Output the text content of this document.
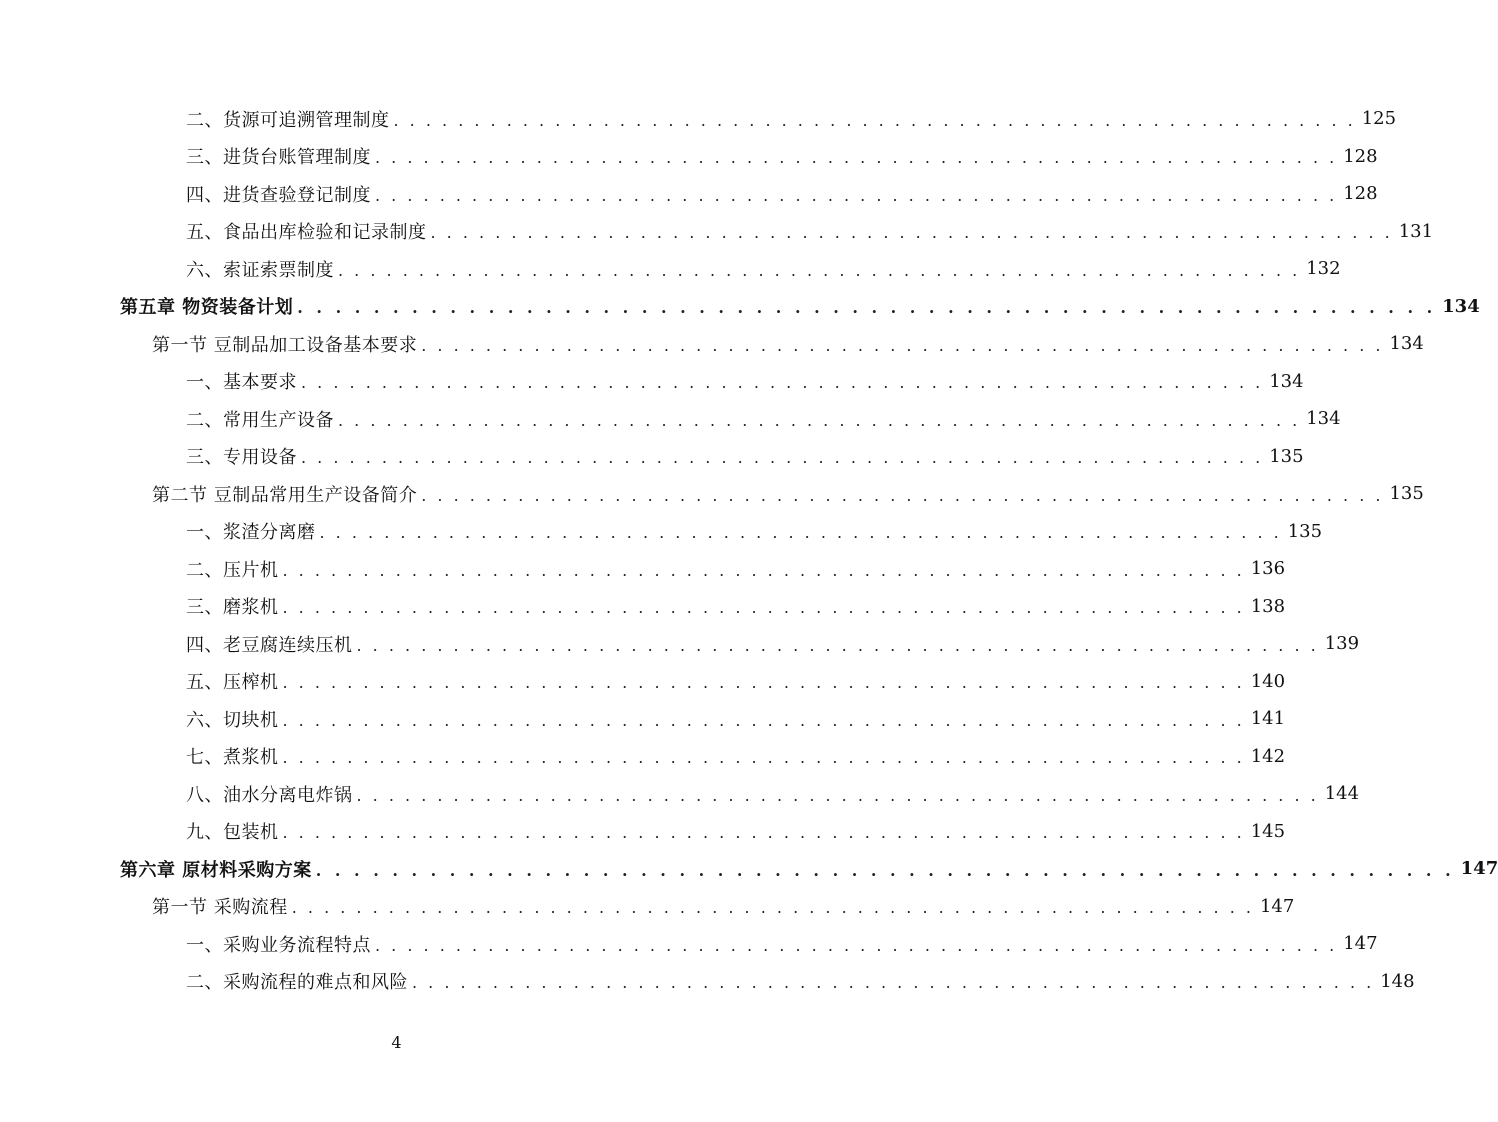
二、货源可追溯管理制度 . . . . . . . . . . . . . . . . . . . . . . . . . . . . . . . . . . . . . . . . . . . . . . . . . . . . . . . . . . . . 125
三、进货台账管理制度 . . . . . . . . . . . . . . . . . . . . . . . . . . . . . . . . . . . . . . . . . . . . . . . . . . . . . . . . . . . . 128
四、进货查验登记制度 . . . . . . . . . . . . . . . . . . . . . . . . . . . . . . . . . . . . . . . . . . . . . . . . . . . . . . . . . . . . 128
五、食品出库检验和记录制度 . . . . . . . . . . . . . . . . . . . . . . . . . . . . . . . . . . . . . . . . . . . . . . . . . . . . . . . . . . . . 131
六、索证索票制度 . . . . . . . . . . . . . . . . . . . . . . . . . . . . . . . . . . . . . . . . . . . . . . . . . . . . . . . . . . . . 132
第五章 物资装备计划 . . . . . . . . . . . . . . . . . . . . . . . . . . . . . . . . . . . . . . . . . . . . . . . . . . . . . . . . . . . . 134
第一节 豆制品加工设备基本要求 . . . . . . . . . . . . . . . . . . . . . . . . . . . . . . . . . . . . . . . . . . . . . . . . . . . . . . . . . . . . 134
一、基本要求 . . . . . . . . . . . . . . . . . . . . . . . . . . . . . . . . . . . . . . . . . . . . . . . . . . . . . . . . . . . . 134
二、常用生产设备 . . . . . . . . . . . . . . . . . . . . . . . . . . . . . . . . . . . . . . . . . . . . . . . . . . . . . . . . . . . . 134
三、专用设备 . . . . . . . . . . . . . . . . . . . . . . . . . . . . . . . . . . . . . . . . . . . . . . . . . . . . . . . . . . . . 135
第二节 豆制品常用生产设备简介 . . . . . . . . . . . . . . . . . . . . . . . . . . . . . . . . . . . . . . . . . . . . . . . . . . . . . . . . . . . . 135
一、浆渣分离磨 . . . . . . . . . . . . . . . . . . . . . . . . . . . . . . . . . . . . . . . . . . . . . . . . . . . . . . . . . . . . 135
二、压片机 . . . . . . . . . . . . . . . . . . . . . . . . . . . . . . . . . . . . . . . . . . . . . . . . . . . . . . . . . . . . 136
三、磨浆机 . . . . . . . . . . . . . . . . . . . . . . . . . . . . . . . . . . . . . . . . . . . . . . . . . . . . . . . . . . . . 138
四、老豆腐连续压机 . . . . . . . . . . . . . . . . . . . . . . . . . . . . . . . . . . . . . . . . . . . . . . . . . . . . . . . . . . . . 139
五、压榨机 . . . . . . . . . . . . . . . . . . . . . . . . . . . . . . . . . . . . . . . . . . . . . . . . . . . . . . . . . . . . 140
六、切块机 . . . . . . . . . . . . . . . . . . . . . . . . . . . . . . . . . . . . . . . . . . . . . . . . . . . . . . . . . . . . 141
七、煮浆机 . . . . . . . . . . . . . . . . . . . . . . . . . . . . . . . . . . . . . . . . . . . . . . . . . . . . . . . . . . . . 142
八、油水分离电炸锅 . . . . . . . . . . . . . . . . . . . . . . . . . . . . . . . . . . . . . . . . . . . . . . . . . . . . . . . . . . . . 144
九、包装机 . . . . . . . . . . . . . . . . . . . . . . . . . . . . . . . . . . . . . . . . . . . . . . . . . . . . . . . . . . . . 145
第六章 原材料采购方案 . . . . . . . . . . . . . . . . . . . . . . . . . . . . . . . . . . . . . . . . . . . . . . . . . . . . . . . . . . . . 147
第一节 采购流程 . . . . . . . . . . . . . . . . . . . . . . . . . . . . . . . . . . . . . . . . . . . . . . . . . . . . . . . . . . . . 147
一、采购业务流程特点 . . . . . . . . . . . . . . . . . . . . . . . . . . . . . . . . . . . . . . . . . . . . . . . . . . . . . . . . . . . . 147
二、采购流程的难点和风险 . . . . . . . . . . . . . . . . . . . . . . . . . . . . . . . . . . . . . . . . . . . . . . . . . . . . . . . . . . . . 148
4
